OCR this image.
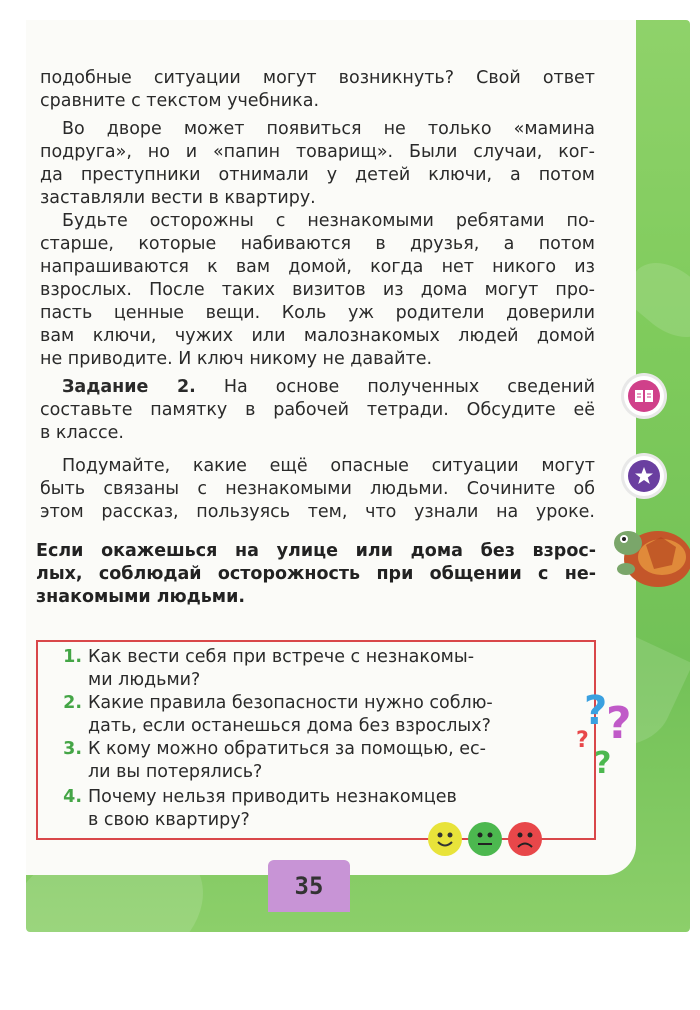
подобные ситуации могут возникнуть? Свой ответ
сравните с текстом учебника.
Во дворе может появиться не только «мамина
подруга», но и «папин товарищ». Были случаи, ког-
да преступники отнимали у детей ключи, а потом
заставляли вести в квартиру.
Будьте осторожны с незнакомыми ребятами по-
старше, которые набиваются в друзья, а потом
напрашиваются к вам домой, когда нет никого из
взрослых. После таких визитов из дома могут про-
пасть ценные вещи. Коль уж родители доверили
вам ключи, чужих или малознакомых людей домой
не приводите. И ключ никому не давайте.
Задание 2. На основе полученных сведений
составьте памятку в рабочей тетради. Обсудите её
в классе.
Подумайте, какие ещё опасные ситуации могут
быть связаны с незнакомыми людьми. Сочините об
этом рассказ, пользуясь тем, что узнали на уроке.
Если окажешься на улице или дома без взрос-
лых, соблюдай осторожность при общении с не-
знакомыми людьми.
1. Как вести себя при встрече с незнакомы-
ми людьми?
2. Какие правила безопасности нужно соблю-
дать, если останешься дома без взрослых?
3. К кому можно обратиться за помощью, ес-
ли вы потерялись?
4. Почему нельзя приводить незнакомцев
в свою квартиру?
?
?
?
?
35
